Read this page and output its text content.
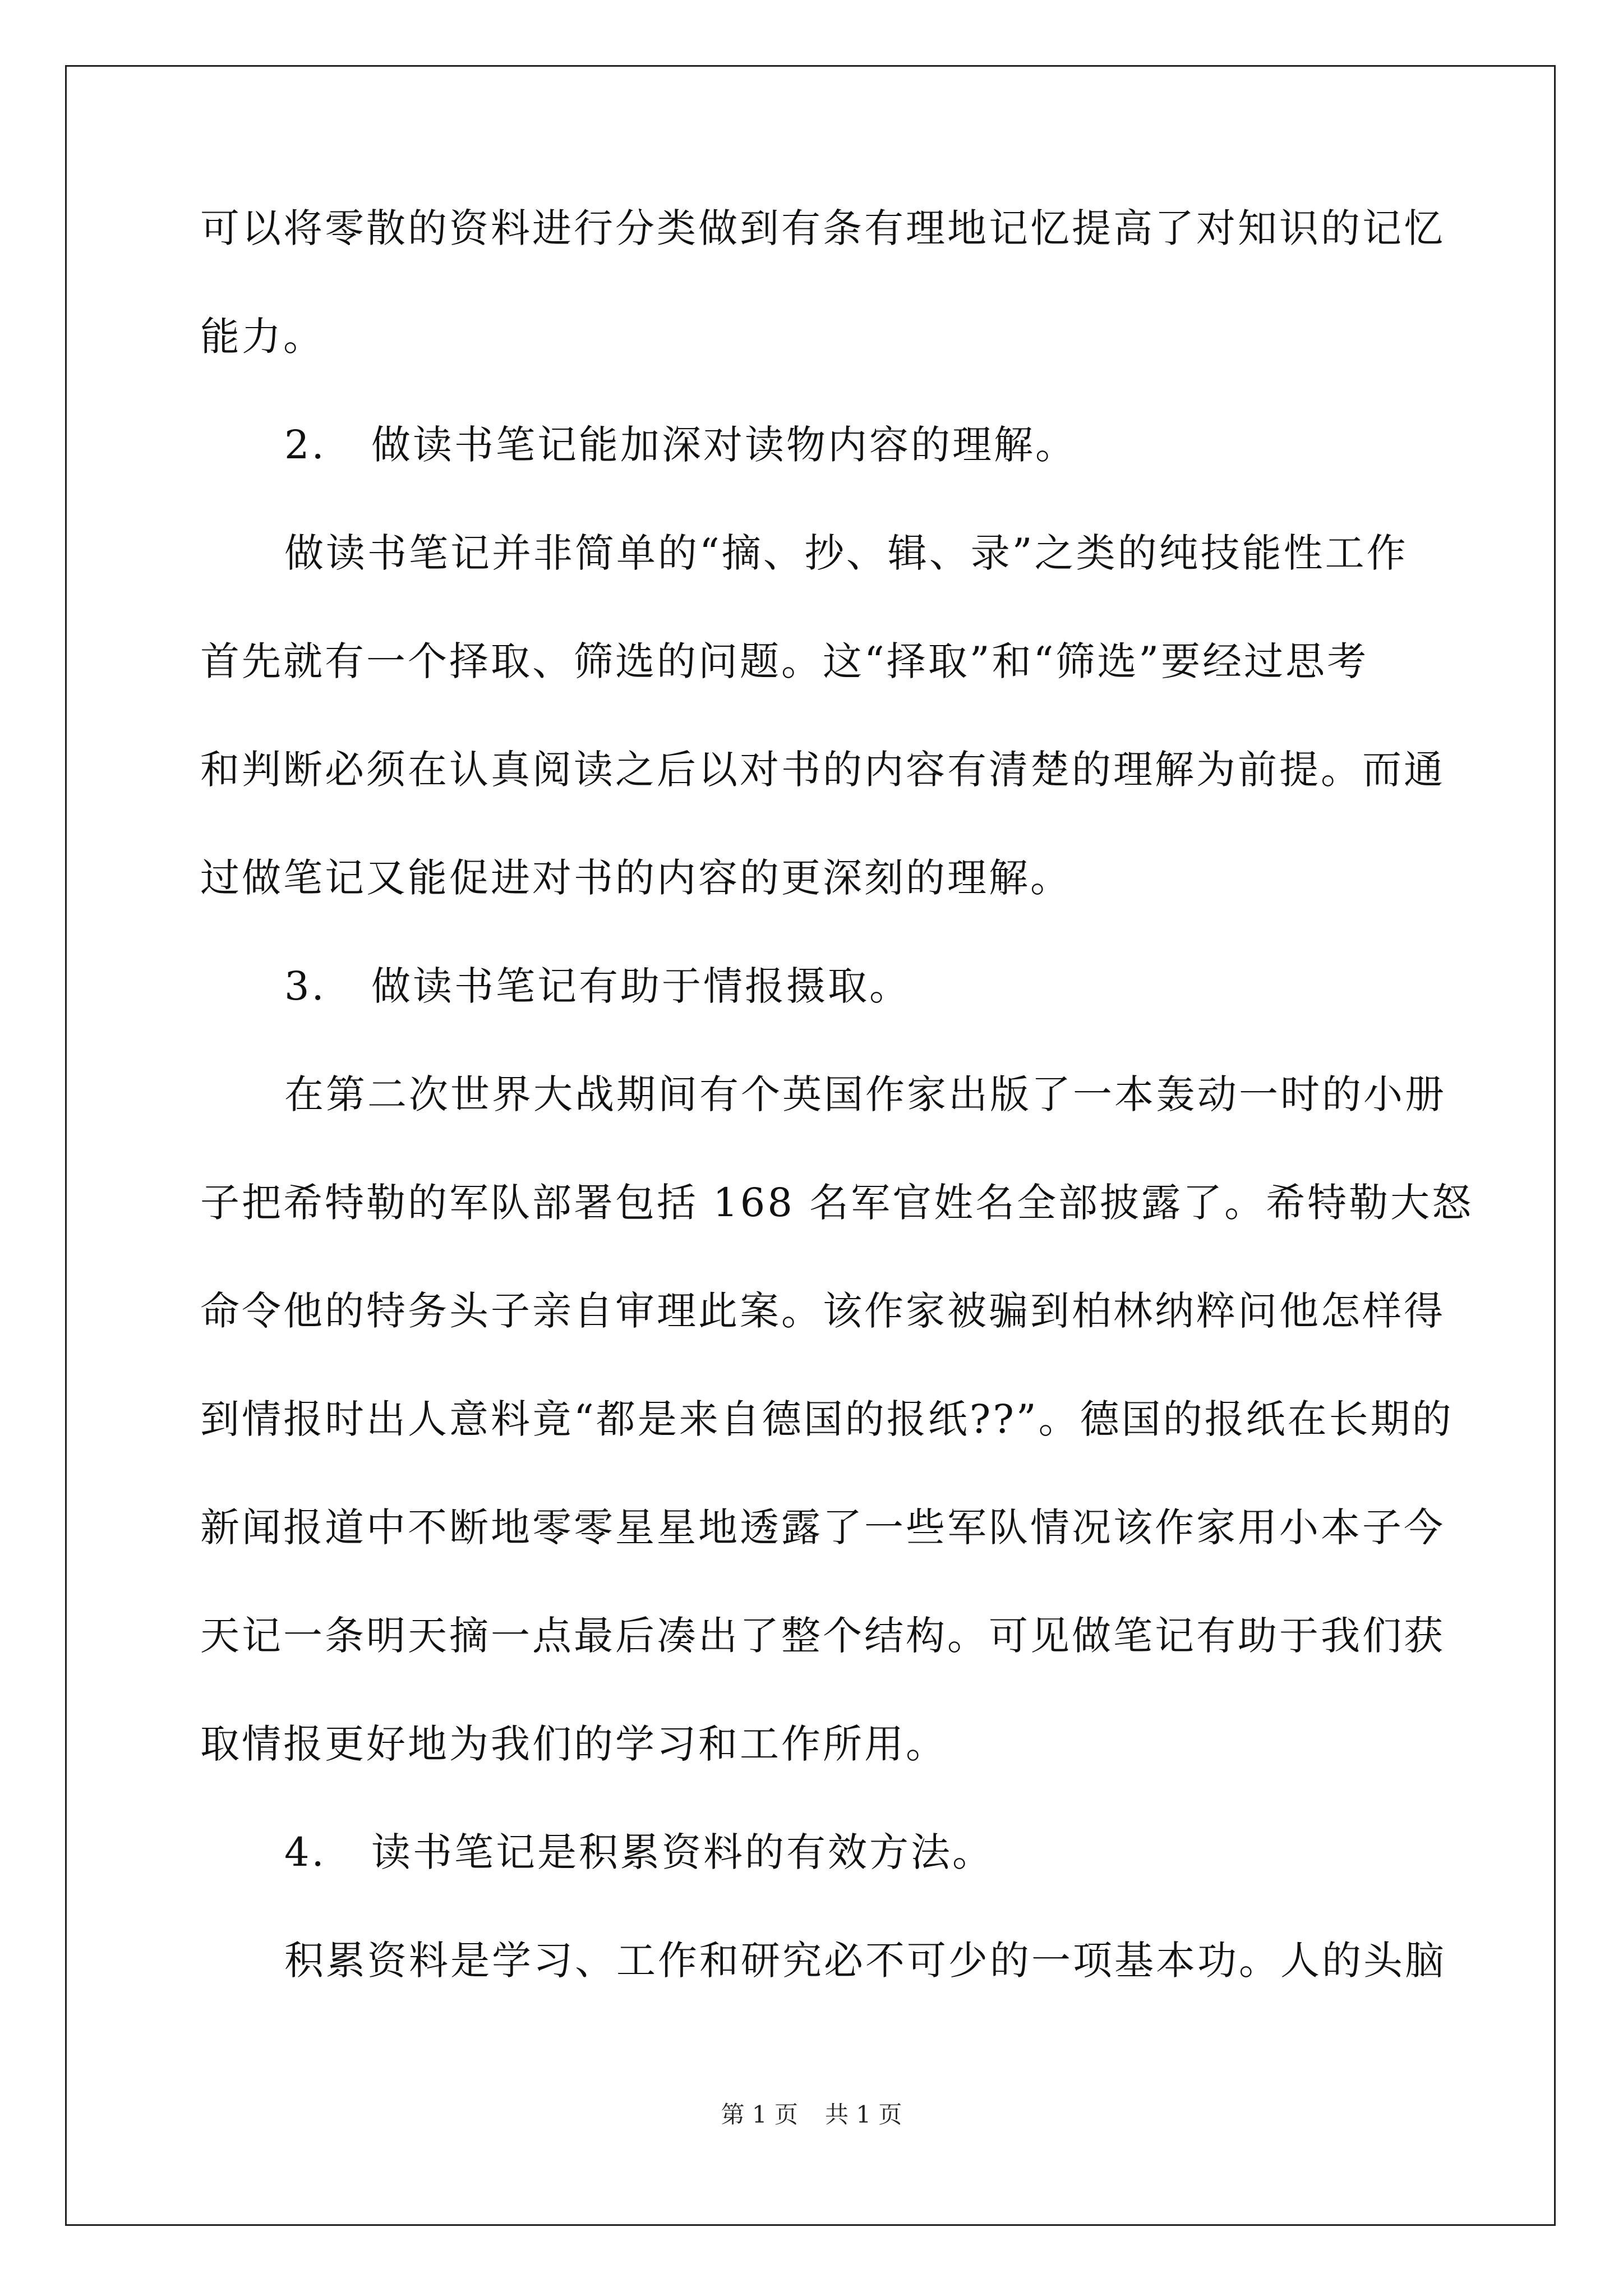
可以将零散的资料进行分类做到有条有理地记忆提高了对知识的记忆
能力。
2. 做读书笔记能加深对读物内容的理解。
做读书笔记并非简单的“摘、抄、辑、录”之类的纯技能性工作
首先就有一个择取、筛选的问题。这“择取”和“筛选”要经过思考
和判断必须在认真阅读之后以对书的内容有清楚的理解为前提。而通
过做笔记又能促进对书的内容的更深刻的理解。
3. 做读书笔记有助于情报摄取。
在第二次世界大战期间有个英国作家出版了一本轰动一时的小册
子把希特勒的军队部署包括 168 名军官姓名全部披露了。希特勒大怒
命令他的特务头子亲自审理此案。该作家被骗到柏林纳粹问他怎样得
到情报时出人意料竟“都是来自德国的报纸??”。德国的报纸在长期的
新闻报道中不断地零零星星地透露了一些军队情况该作家用小本子今
天记一条明天摘一点最后凑出了整个结构。可见做笔记有助于我们获
取情报更好地为我们的学习和工作所用。
4. 读书笔记是积累资料的有效方法。
积累资料是学习、工作和研究必不可少的一项基本功。人的头脑
第 1 页 共 1 页
